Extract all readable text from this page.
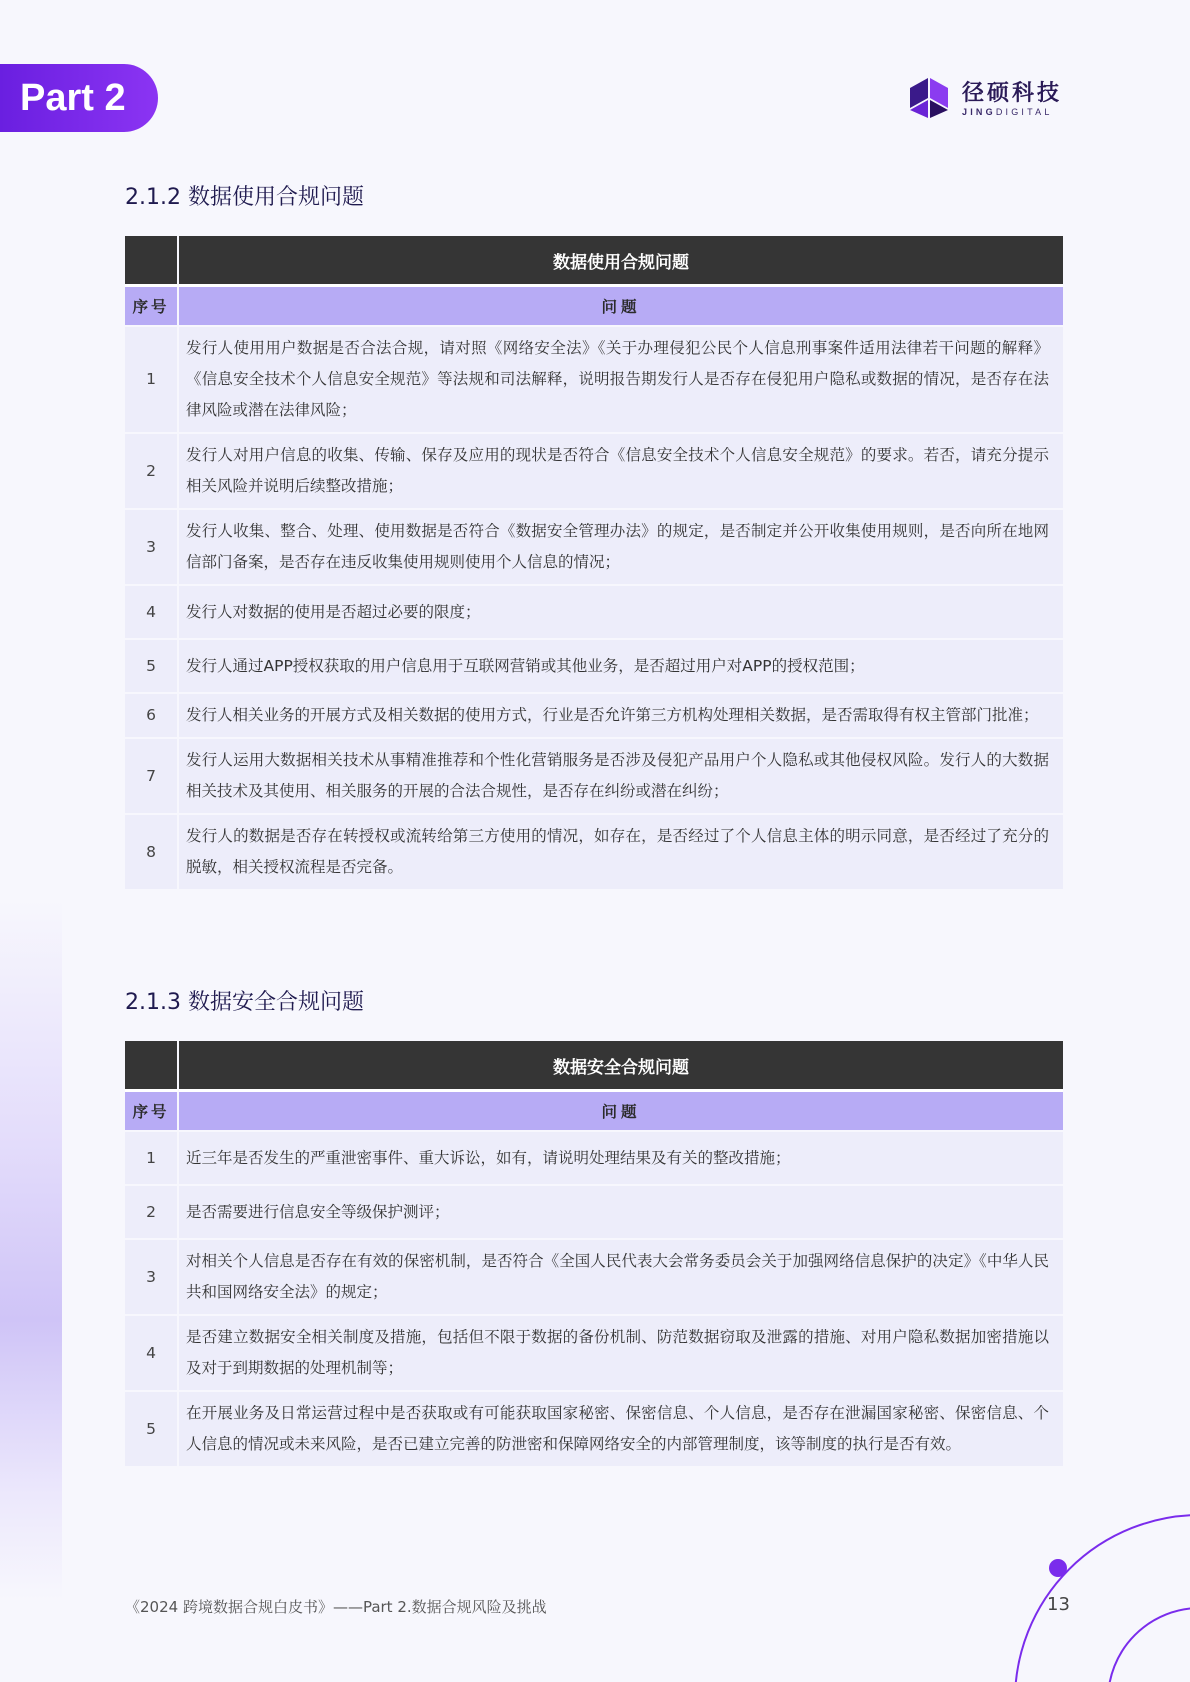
Part 2	径硕科技
JINGDIGITAL
2.1.2 数据使用合规问题
	数据使用合规问题
序号	问题
1	发行人使用用户数据是否合法合规，请对照《网络安全法》《关于办理侵犯公民个人信息刑事案件适用法律若干问题的解释》《信息安全技术个人信息安全规范》等法规和司法解释，说明报告期发行人是否存在侵犯用户隐私或数据的情况，是否存在法律风险或潜在法律风险；
2	发行人对用户信息的收集、传输、保存及应用的现状是否符合《信息安全技术个人信息安全规范》的要求。若否，请充分提示相关风险并说明后续整改措施；
3	发行人收集、整合、处理、使用数据是否符合《数据安全管理办法》的规定，是否制定并公开收集使用规则，是否向所在地网信部门备案，是否存在违反收集使用规则使用个人信息的情况；
4	发行人对数据的使用是否超过必要的限度；
5	发行人通过APP授权获取的用户信息用于互联网营销或其他业务，是否超过用户对APP的授权范围；
6	发行人相关业务的开展方式及相关数据的使用方式，行业是否允许第三方机构处理相关数据，是否需取得有权主管部门批准；
7	发行人运用大数据相关技术从事精准推荐和个性化营销服务是否涉及侵犯产品用户个人隐私或其他侵权风险。发行人的大数据相关技术及其使用、相关服务的开展的合法合规性，是否存在纠纷或潜在纠纷；
8	发行人的数据是否存在转授权或流转给第三方使用的情况，如存在，是否经过了个人信息主体的明示同意，是否经过了充分的脱敏，相关授权流程是否完备。
2.1.3 数据安全合规问题
	数据安全合规问题
序号	问题
1	近三年是否发生的严重泄密事件、重大诉讼，如有，请说明处理结果及有关的整改措施；
2	是否需要进行信息安全等级保护测评；
3	对相关个人信息是否存在有效的保密机制，是否符合《全国人民代表大会常务委员会关于加强网络信息保护的决定》《中华人民共和国网络安全法》的规定；
4	是否建立数据安全相关制度及措施，包括但不限于数据的备份机制、防范数据窃取及泄露的措施、对用户隐私数据加密措施以及对于到期数据的处理机制等；
5	在开展业务及日常运营过程中是否获取或有可能获取国家秘密、保密信息、个人信息，是否存在泄漏国家秘密、保密信息、个人信息的情况或未来风险，是否已建立完善的防泄密和保障网络安全的内部管理制度，该等制度的执行是否有效。
《2024 跨境数据合规白皮书》——Part 2.数据合规风险及挑战	13
